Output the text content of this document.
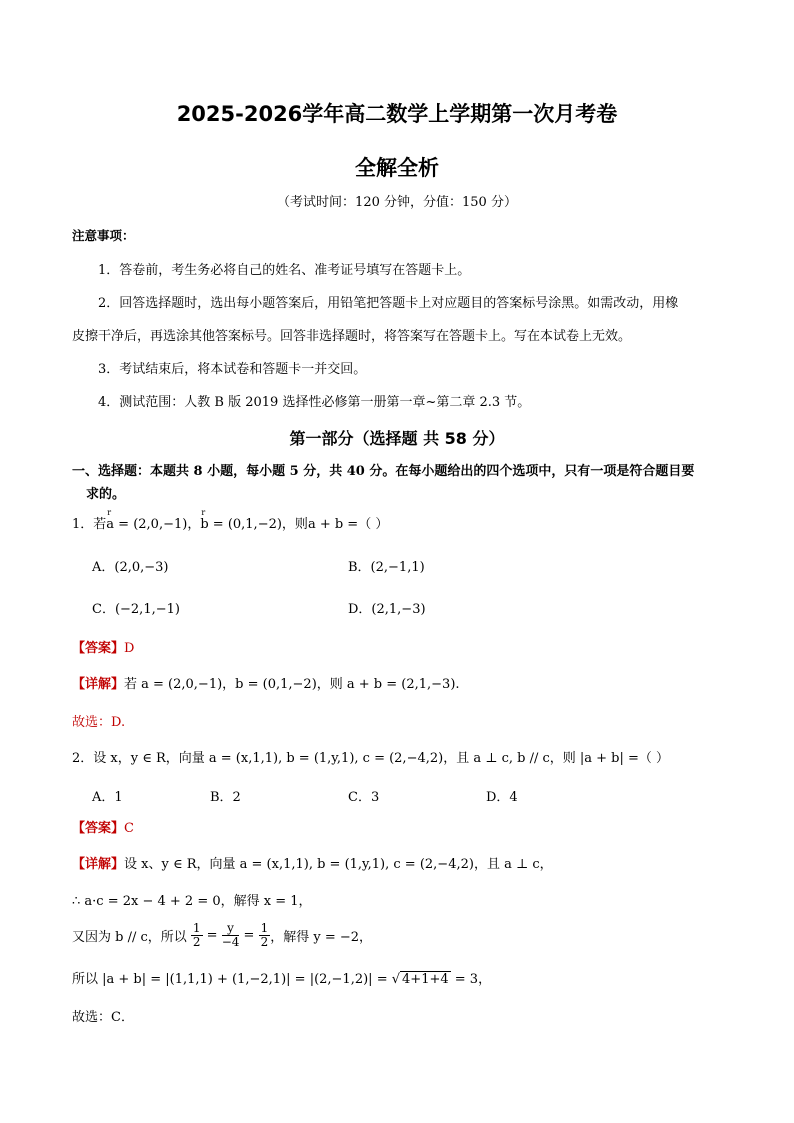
2025-2026学年高二数学上学期第一次月考卷
全解全析
（考试时间：120 分钟，分值：150 分）
注意事项：
1．答卷前，考生务必将自己的姓名、准考证号填写在答题卡上。
2．回答选择题时，选出每小题答案后，用铅笔把答题卡上对应题目的答案标号涂黑。如需改动，用橡
皮擦干净后，再选涂其他答案标号。回答非选择题时，将答案写在答题卡上。写在本试卷上无效。
3．考试结束后，将本试卷和答题卡一并交回。
4．测试范围：人教 B 版 2019 选择性必修第一册第一章~第二章 2.3 节。
第一部分（选择题 共 58 分）
一、选择题：本题共 8 小题，每小题 5 分，共 40 分。在每小题给出的四个选项中，只有一项是符合题目要
求的。
1．若r a = (2,0,−1)，r b = (0,1,−2)，则a + b =（ ）
A．(2,0,−3)	B．(2,−1,1)
C．(−2,1,−1)	D．(2,1,−3)
【答案】D
【详解】若 a = (2,0,−1)，b = (0,1,−2)，则 a + b = (2,1,−3).
故选：D.
2．设 x，y ∈ R，向量 a = (x,1,1), b = (1,y,1), c = (2,−4,2)，且 a ⊥ c, b // c，则 |a + b| =（ ）
A．1	B．2	C．3	D．4
【答案】C
【详解】设 x、y ∈ R，向量 a = (x,1,1), b = (1,y,1), c = (2,−4,2)，且 a ⊥ c，
∴ a·c = 2x − 4 + 2 = 0，解得 x = 1，
又因为 b // c，所以 $\frac{1}{2} = \frac{y}{-4} = \frac{1}{2}$ ，解得 y = −2，
所以 |a + b| = |(1,1,1) + (1,−2,1)| = |(2,−1,2)| = √ 4+1+4 = 3，
故选：C．
